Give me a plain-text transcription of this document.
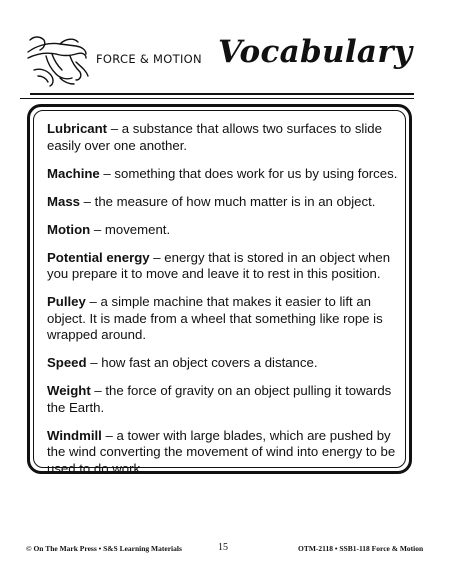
FORCE & MOTION Vocabulary

Lubricant – a substance that allows two surfaces to slide easily over one another.

Machine – something that does work for us by using forces.

Mass – the measure of how much matter is in an object.

Motion – movement.

Potential energy – energy that is stored in an object when you prepare it to move and leave it to rest in this position.

Pulley – a simple machine that makes it easier to lift an object. It is made from a wheel that something like rope is wrapped around.

Speed – how fast an object covers a distance.

Weight – the force of gravity on an object pulling it towards the Earth.

Windmill – a tower with large blades, which are pushed by the wind converting the movement of wind into energy to be used to do work.

© On The Mark Press • S&S Learning Materials	15	OTM-2118 • SSB1-118 Force & Motion
